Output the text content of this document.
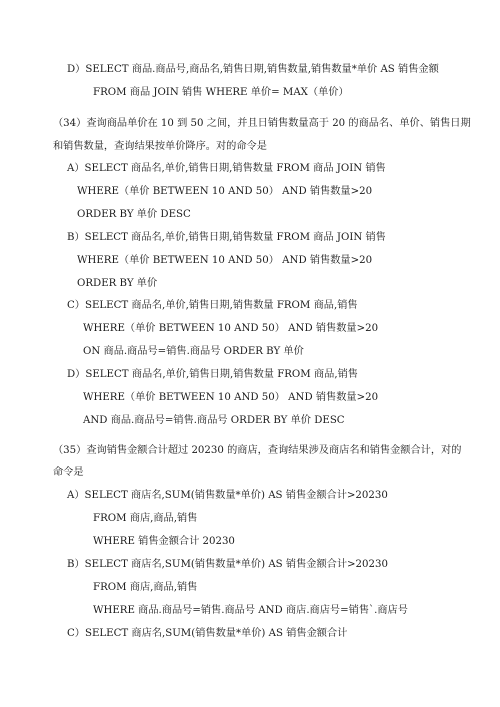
D）SELECT 商品.商品号,商品名,销售日期,销售数量,销售数量*单价 AS 销售金额
FROM 商品 JOIN 销售 WHERE 单价= MAX（单价）
（34）查询商品单价在 10 到 50 之间，并且日销售数量高于 20 的商品名、单价、销售日期
和销售数量，查询结果按单价降序。对的命令是
A）SELECT 商品名,单价,销售日期,销售数量 FROM 商品 JOIN 销售
WHERE（单价 BETWEEN 10 AND 50） AND 销售数量>20
ORDER BY 单价 DESC
B）SELECT 商品名,单价,销售日期,销售数量 FROM 商品 JOIN 销售
WHERE（单价 BETWEEN 10 AND 50） AND 销售数量>20
ORDER BY 单价
C）SELECT 商品名,单价,销售日期,销售数量 FROM 商品,销售
WHERE（单价 BETWEEN 10 AND 50） AND 销售数量>20
ON 商品.商品号=销售.商品号 ORDER BY 单价
D）SELECT 商品名,单价,销售日期,销售数量 FROM 商品,销售
WHERE（单价 BETWEEN 10 AND 50） AND 销售数量>20
AND 商品.商品号=销售.商品号 ORDER BY 单价 DESC
（35）查询销售金额合计超过 20230 的商店，查询结果涉及商店名和销售金额合计，对的
命令是
A）SELECT 商店名,SUM(销售数量*单价) AS 销售金额合计>20230
FROM 商店,商品,销售
WHERE 销售金额合计 20230
B）SELECT 商店名,SUM(销售数量*单价) AS 销售金额合计>20230
FROM 商店,商品,销售
WHERE 商品.商品号=销售.商品号 AND 商店.商店号=销售`.商店号
C）SELECT 商店名,SUM(销售数量*单价) AS 销售金额合计
